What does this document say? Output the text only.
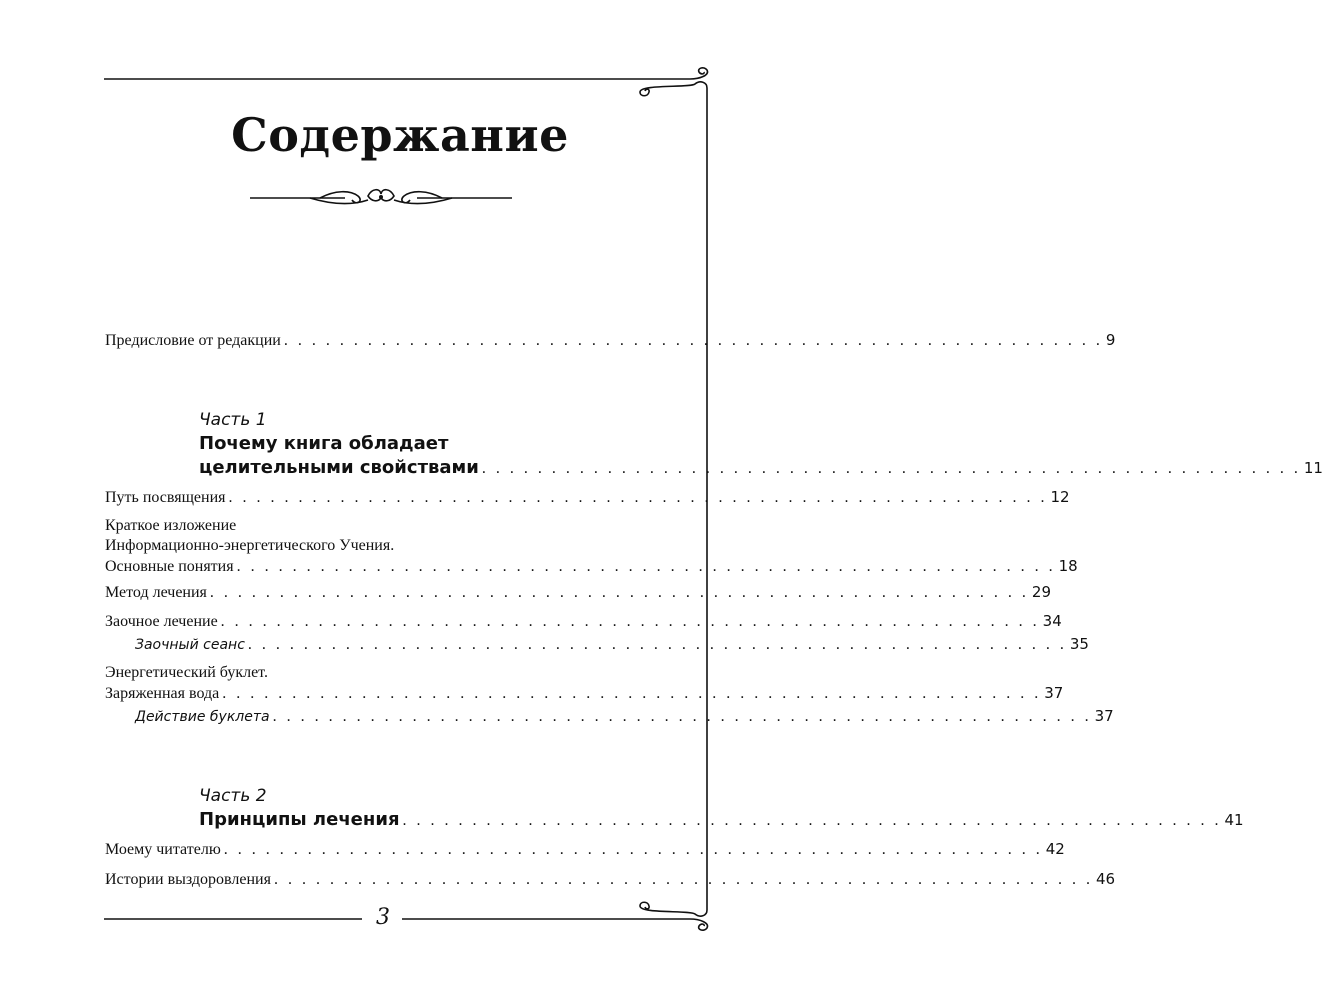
Содержание
Предисловие от редакции . . . . . . . . . . . . . . . . . . . . . . . . . . . . . . . . . . . . . . . . . . . . . . . . . . . . . . . . . . . 9
Часть 1
Почему книга обладает
целительными свойствами . . . . . . . . . . . . . . . . . . . . . . . . . . . . . . . . . . . . . . . . . . . . . . . . . . . . . . . . . . . 11
Путь посвящения . . . . . . . . . . . . . . . . . . . . . . . . . . . . . . . . . . . . . . . . . . . . . . . . . . . . . . . . . . . 12
Краткое изложение
Информационно-энергетического Учения.
Основные понятия . . . . . . . . . . . . . . . . . . . . . . . . . . . . . . . . . . . . . . . . . . . . . . . . . . . . . . . . . . . 18
Метод лечения . . . . . . . . . . . . . . . . . . . . . . . . . . . . . . . . . . . . . . . . . . . . . . . . . . . . . . . . . . . 29
Заочное лечение . . . . . . . . . . . . . . . . . . . . . . . . . . . . . . . . . . . . . . . . . . . . . . . . . . . . . . . . . . . 34
Заочный сеанс . . . . . . . . . . . . . . . . . . . . . . . . . . . . . . . . . . . . . . . . . . . . . . . . . . . . . . . . . . . 35
Энергетический буклет.
Заряженная вода . . . . . . . . . . . . . . . . . . . . . . . . . . . . . . . . . . . . . . . . . . . . . . . . . . . . . . . . . . . 37
Действие буклета . . . . . . . . . . . . . . . . . . . . . . . . . . . . . . . . . . . . . . . . . . . . . . . . . . . . . . . . . . . 37
Часть 2
Принципы лечения . . . . . . . . . . . . . . . . . . . . . . . . . . . . . . . . . . . . . . . . . . . . . . . . . . . . . . . . . . . 41
Моему читателю . . . . . . . . . . . . . . . . . . . . . . . . . . . . . . . . . . . . . . . . . . . . . . . . . . . . . . . . . . . 42
Истории выздоровления . . . . . . . . . . . . . . . . . . . . . . . . . . . . . . . . . . . . . . . . . . . . . . . . . . . . . . . . . . . 46
3
